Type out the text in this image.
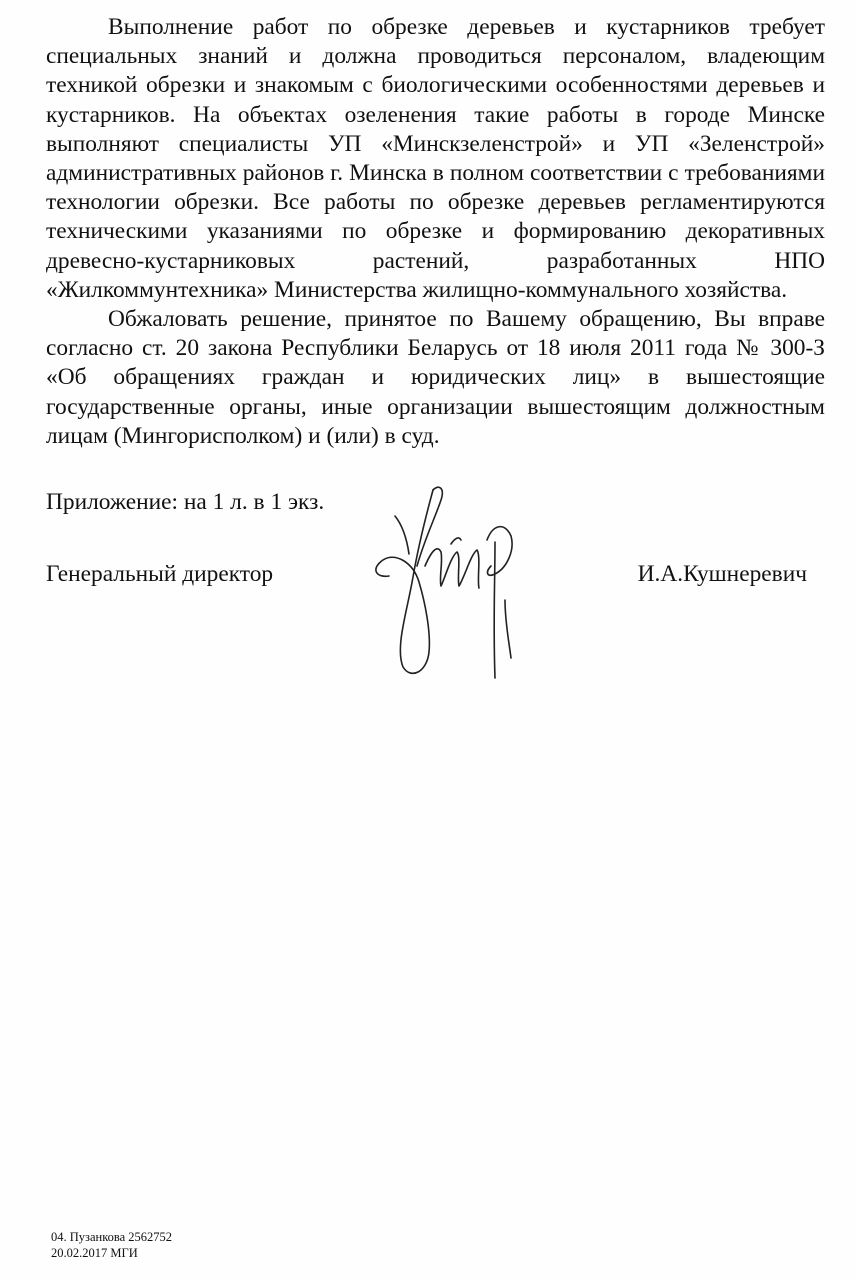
Выполнение работ по обрезке деревьев и кустарников требует специальных знаний и должна проводиться персоналом, владеющим техникой обрезки и знакомым с биологическими особенностями деревьев и кустарников. На объектах озеленения такие работы в городе Минске выполняют специалисты УП «Минскзеленстрой» и УП «Зеленстрой» административных районов г. Минска в полном соответствии с требованиями технологии обрезки. Все работы по обрезке деревьев регламентируются техническими указаниями по обрезке и формированию декоративных древесно-кустарниковых растений, разработанных НПО «Жилкоммунтехника» Министерства жилищно-коммунального хозяйства.

Обжаловать решение, принятое по Вашему обращению, Вы вправе согласно ст. 20 закона Республики Беларусь от 18 июля 2011 года № 300-З «Об обращениях граждан и юридических лиц» в вышестоящие государственные органы, иные организации вышестоящим должностным лицам (Мингорисполком) и (или) в суд.

Приложение: на 1 л. в 1 экз.
Генеральный директор	И.А.Кушнеревич
04. Пузанкова 2562752
20.02.2017 МГИ
